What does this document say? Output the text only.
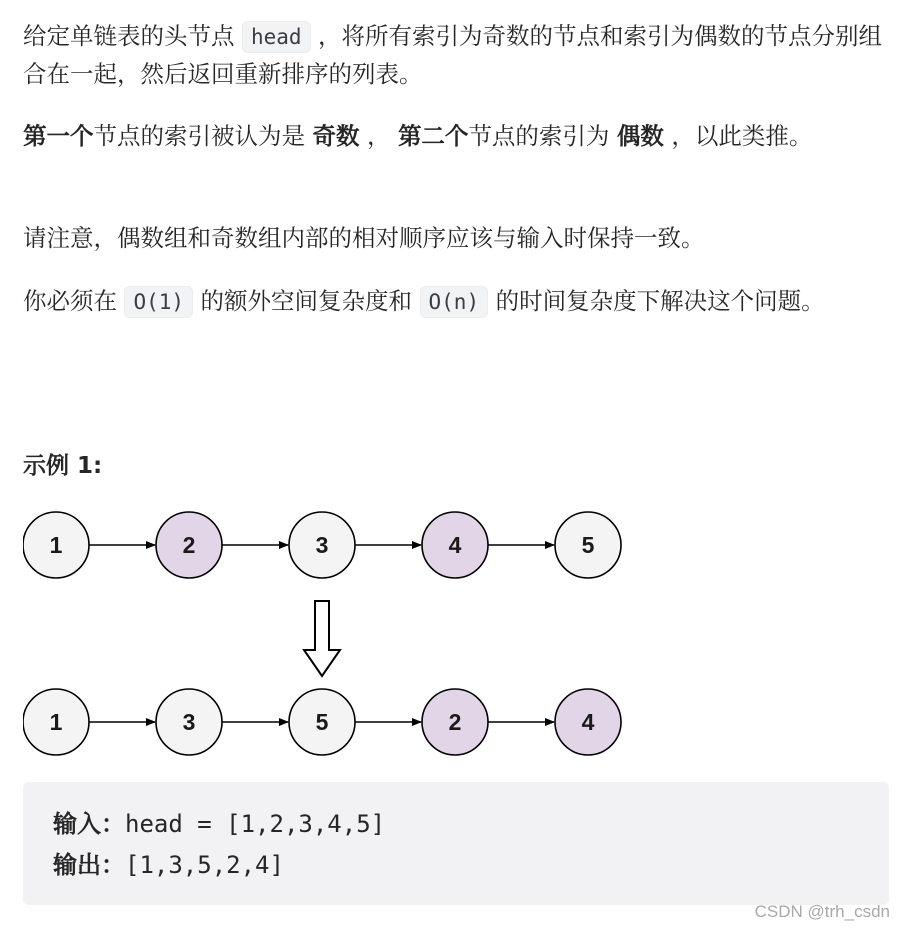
给定单链表的头节点 head ，将所有索引为奇数的节点和索引为偶数的节点分别组合在一起，然后返回重新排序的列表。

第一个节点的索引被认为是 奇数 ， 第二个节点的索引为 偶数 ，以此类推。

请注意，偶数组和奇数组内部的相对顺序应该与输入时保持一致。

你必须在 O(1) 的额外空间复杂度和 O(n) 的时间复杂度下解决这个问题。

示例 1:
1	2	3	4	5
1	3	5	2	4
输入：head = [1,2,3,4,5]
输出：[1,3,5,2,4]
CSDN @trh_csdn
